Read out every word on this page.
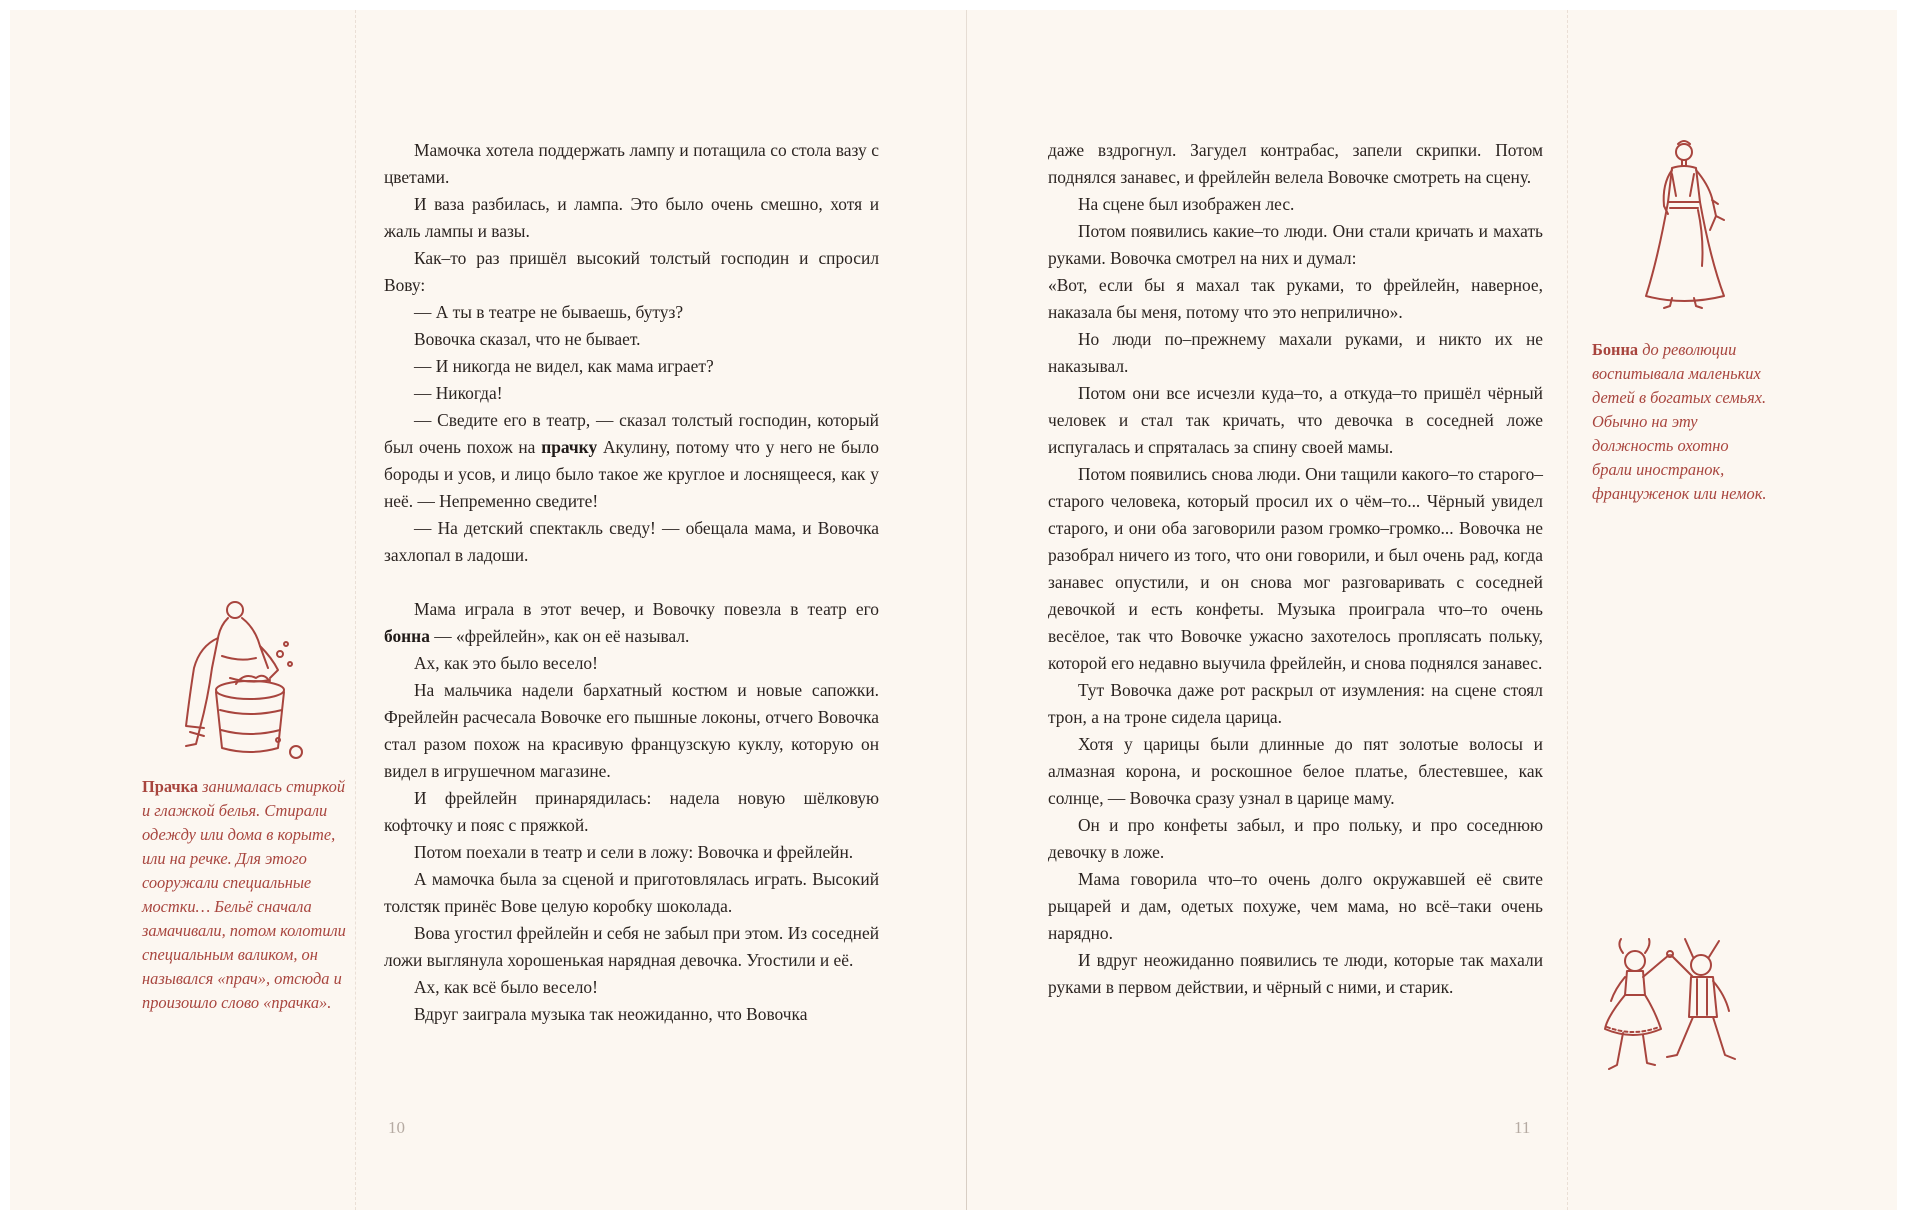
Прачка занималась стиркой и глажкой белья. Стирали одежду или дома в корыте, или на речке. Для этого сооружали специальные мостки… Бельё сначала замачивали, потом колотили специальным валиком, он назывался «прач», отсюда и произошло слово «прачка».

Мамочка хотела поддержать лампу и потащила со стола вазу с цветами.

И ваза разбилась, и лампа. Это было очень смешно, хотя и жаль лампы и вазы.

Как–то раз пришёл высокий толстый господин и спросил Вову:

— А ты в театре не бываешь, бутуз?

Вовочка сказал, что не бывает.

— И никогда не видел, как мама играет?

— Никогда!

— Сведите его в театр, — сказал толстый господин, который был очень похож на прачку Акулину, потому что у него не было бороды и усов, и лицо было такое же круглое и лоснящееся, как у неё. — Непременно сведите!

— На детский спектакль сведу! — обещала мама, и Вовочка захлопал в ладоши.

Мама играла в этот вечер, и Вовочку повезла в театр его бонна — «фрейлейн», как он её называл.

Ах, как это было весело!

На мальчика надели бархатный костюм и новые сапожки. Фрейлейн расчесала Вовочке его пышные локоны, отчего Вовочка стал разом похож на красивую французскую куклу, которую он видел в игрушечном магазине.

И фрейлейн принарядилась: надела новую шёлковую кофточку и пояс с пряжкой.

Потом поехали в театр и сели в ложу: Вовочка и фрейлейн.

А мамочка была за сценой и приготовлялась играть. Высокий толстяк принёс Вове целую коробку шоколада.

Вова угостил фрейлейн и себя не забыл при этом. Из соседней ложи выглянула хорошенькая нарядная девочка. Угостили и её.

Ах, как всё было весело!

Вдруг заиграла музыка так неожиданно, что Вовочка

10

даже вздрогнул. Загудел контрабас, запели скрипки. Потом поднялся занавес, и фрейлейн велела Вовочке смотреть на сцену.

На сцене был изображен лес.

Потом появились какие–то люди. Они стали кричать и махать руками. Вовочка смотрел на них и думал:

«Вот, если бы я махал так руками, то фрейлейн, наверное, наказала бы меня, потому что это неприлично».

Но люди по–прежнему махали руками, и никто их не наказывал.

Потом они все исчезли куда–то, а откуда–то пришёл чёрный человек и стал так кричать, что девочка в соседней ложе испугалась и спряталась за спину своей мамы.

Потом появились снова люди. Они тащили какого–то старого–старого человека, который просил их о чём–то... Чёрный увидел старого, и они оба заговорили разом громко–громко... Вовочка не разобрал ничего из того, что они говорили, и был очень рад, когда занавес опустили, и он снова мог разговаривать с соседней девочкой и есть конфеты. Музыка проиграла что–то очень весёлое, так что Вовочке ужасно захотелось проплясать польку, которой его недавно выучила фрейлейн, и снова поднялся занавес.

Тут Вовочка даже рот раскрыл от изумления: на сцене стоял трон, а на троне сидела царица.

Хотя у царицы были длинные до пят золотые волосы и алмазная корона, и роскошное белое платье, блестевшее, как солнце, — Вовочка сразу узнал в царице маму.

Он и про конфеты забыл, и про польку, и про соседнюю девочку в ложе.

Мама говорила что–то очень долго окружавшей её свите рыцарей и дам, одетых похуже, чем мама, но всё–таки очень нарядно.

И вдруг неожиданно появились те люди, которые так махали руками в первом действии, и чёрный с ними, и старик.

11
Бонна до революции воспитывала маленьких детей в богатых семьях. Обычно на эту должность охотно брали иностранок, француженок или немок.
